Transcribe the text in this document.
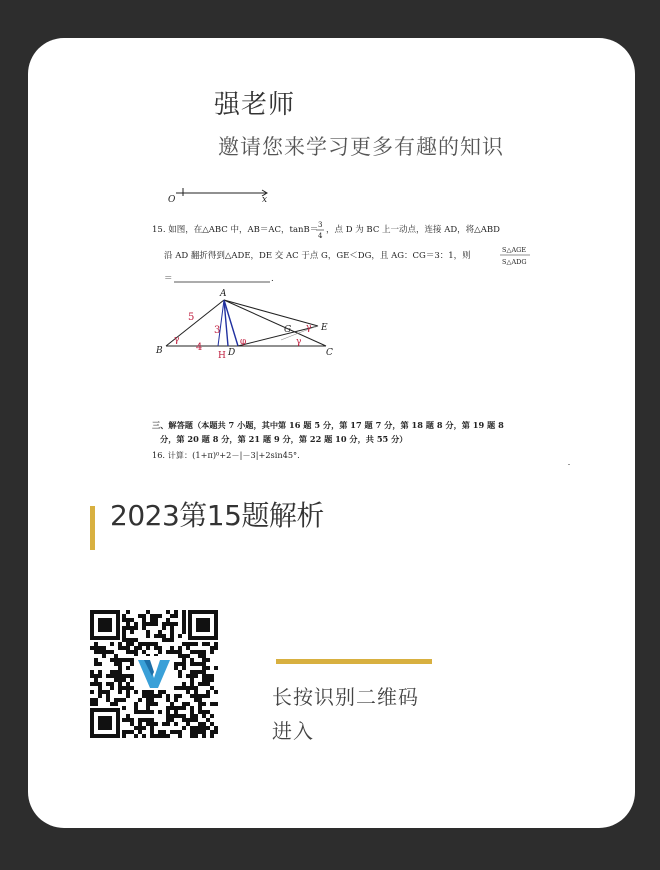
强老师
邀请您来学习更多有趣的知识
O	x
15. 如图，在△ABC 中，AB＝AC，tanB＝ 3
4
，点 D 为 BC 上一动点，连接 AD，将△ABD
沿 AD 翻折得到△ADE，DE 交 AC 于点 G，GE＜DG，且 AG：CG＝3：1，则
S△AGE
S△ADG
＝	.
A
B	C
D
E
G
H
5
3
4
γ	φ	γ
γ
三、解答题（本题共 7 小题，其中第 16 题 5 分，第 17 题 7 分，第 18 题 8 分，第 19 题 8
分，第 20 题 8 分，第 21 题 9 分，第 22 题 10 分，共 55 分）
16. 计算：(1+π)⁰+2－|－3|+2sin45°.
2023第15题解析
长按识别二维码
进入
